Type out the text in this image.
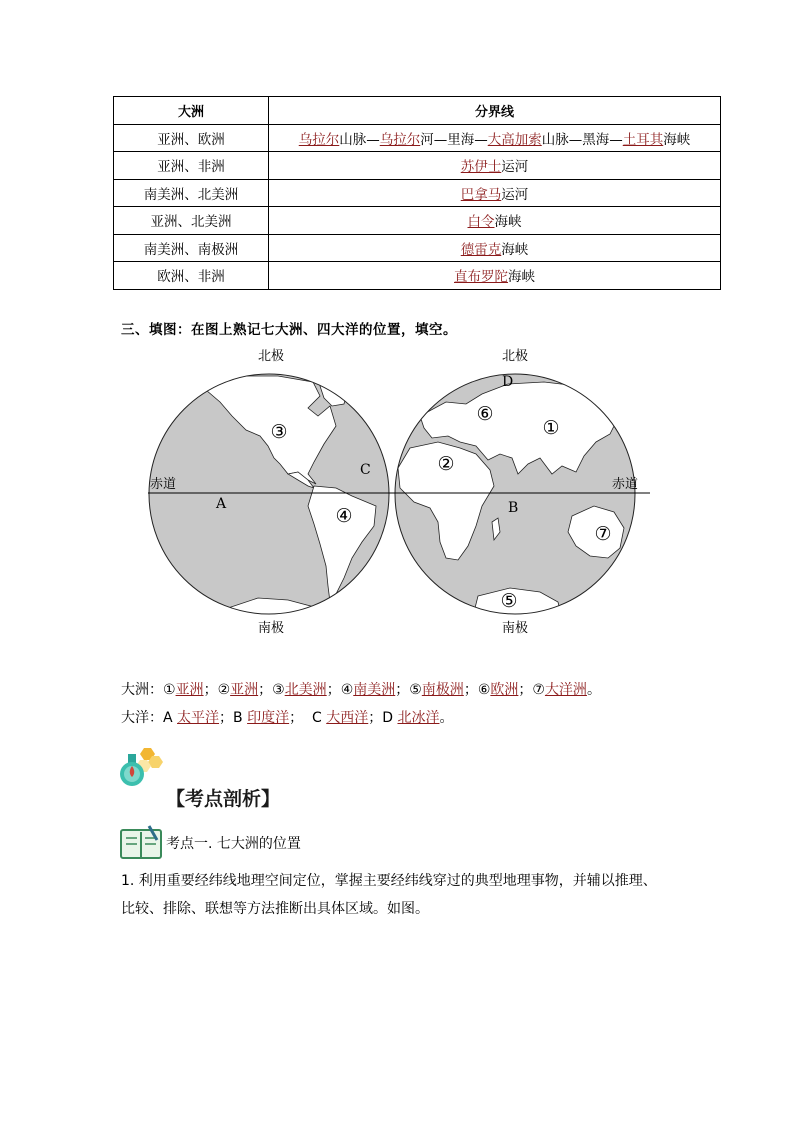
大洲	分界线
亚洲、欧洲	乌拉尔山脉—乌拉尔河—里海—大高加索山脉—黑海—土耳其海峡
亚洲、非洲	苏伊士运河
南美洲、北美洲	巴拿马运河
亚洲、北美洲	白令海峡
南美洲、南极洲	德雷克海峡
欧洲、非洲	直布罗陀海峡
三、填图：在图上熟记七大洲、四大洋的位置，填空。
北极	北极
南极	南极
赤道	赤道
A	B
C
D
①
②
③
④
⑤
⑥
⑦
大洲：①亚洲；②亚洲；③北美洲；④南美洲；⑤南极洲；⑥欧洲；⑦大洋洲。
大洋：A 太平洋；B 印度洋；  C 大西洋；D 北冰洋。
【考点剖析】
考点一. 七大洲的位置
1. 利用重要经纬线地理空间定位，掌握主要经纬线穿过的典型地理事物，并辅以推理、
比较、排除、联想等方法推断出具体区域。如图。
